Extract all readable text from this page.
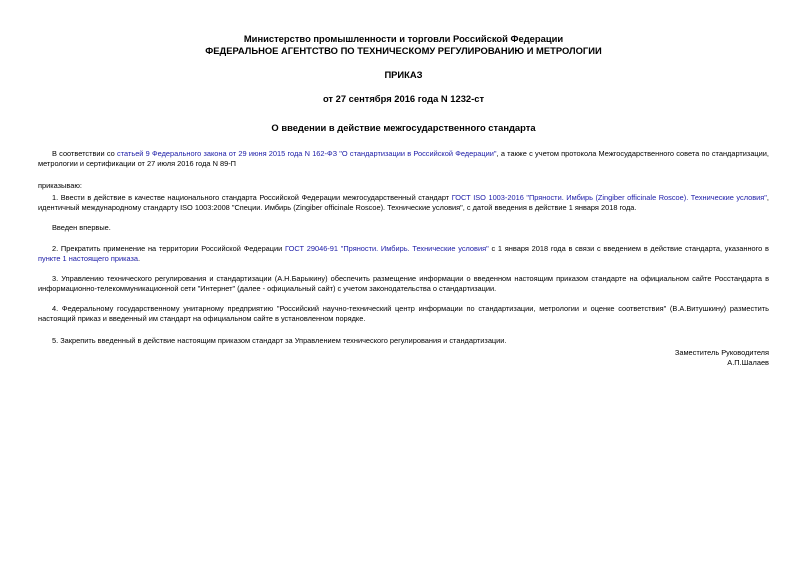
Министерство промышленности и торговли Российской Федерации
ФЕДЕРАЛЬНОЕ АГЕНТСТВО ПО ТЕХНИЧЕСКОМУ РЕГУЛИРОВАНИЮ И МЕТРОЛОГИИ
ПРИКАЗ
от 27 сентября 2016 года N 1232-ст
О введении в действие межгосударственного стандарта
В соответствии со статьей 9 Федерального закона от 29 июня 2015 года N 162-ФЗ "О стандартизации в Российской Федерации", а также с учетом протокола Межгосударственного совета по стандартизации, метрологии и сертификации от 27 июля 2016 года N 89-П
приказываю:
1. Ввести в действие в качестве национального стандарта Российской Федерации межгосударственный стандарт ГОСТ ISO 1003-2016 "Пряности. Имбирь (Zingiber officinale Roscoe). Технические условия", идентичный международному стандарту ISO 1003:2008 "Специи. Имбирь (Zingiber officinale Roscoe). Технические условия", с датой введения в действие 1 января 2018 года.
Введен впервые.
2. Прекратить применение на территории Российской Федерации ГОСТ 29046-91 "Пряности. Имбирь. Технические условия" с 1 января 2018 года в связи с введением в действие стандарта, указанного в пункте 1 настоящего приказа.
3. Управлению технического регулирования и стандартизации (А.Н.Барыкину) обеспечить размещение информации о введенном настоящим приказом стандарте на официальном сайте Росстандарта в информационно-телекоммуникационной сети "Интернет" (далее - официальный сайт) с учетом законодательства о стандартизации.
4. Федеральному государственному унитарному предприятию "Российский научно-технический центр информации по стандартизации, метрологии и оценке соответствия" (В.А.Витушкину) разместить настоящий приказ и введенный им стандарт на официальном сайте в установленном порядке.
5. Закрепить введенный в действие настоящим приказом стандарт за Управлением технического регулирования и стандартизации.
Заместитель Руководителя
А.П.Шалаев
